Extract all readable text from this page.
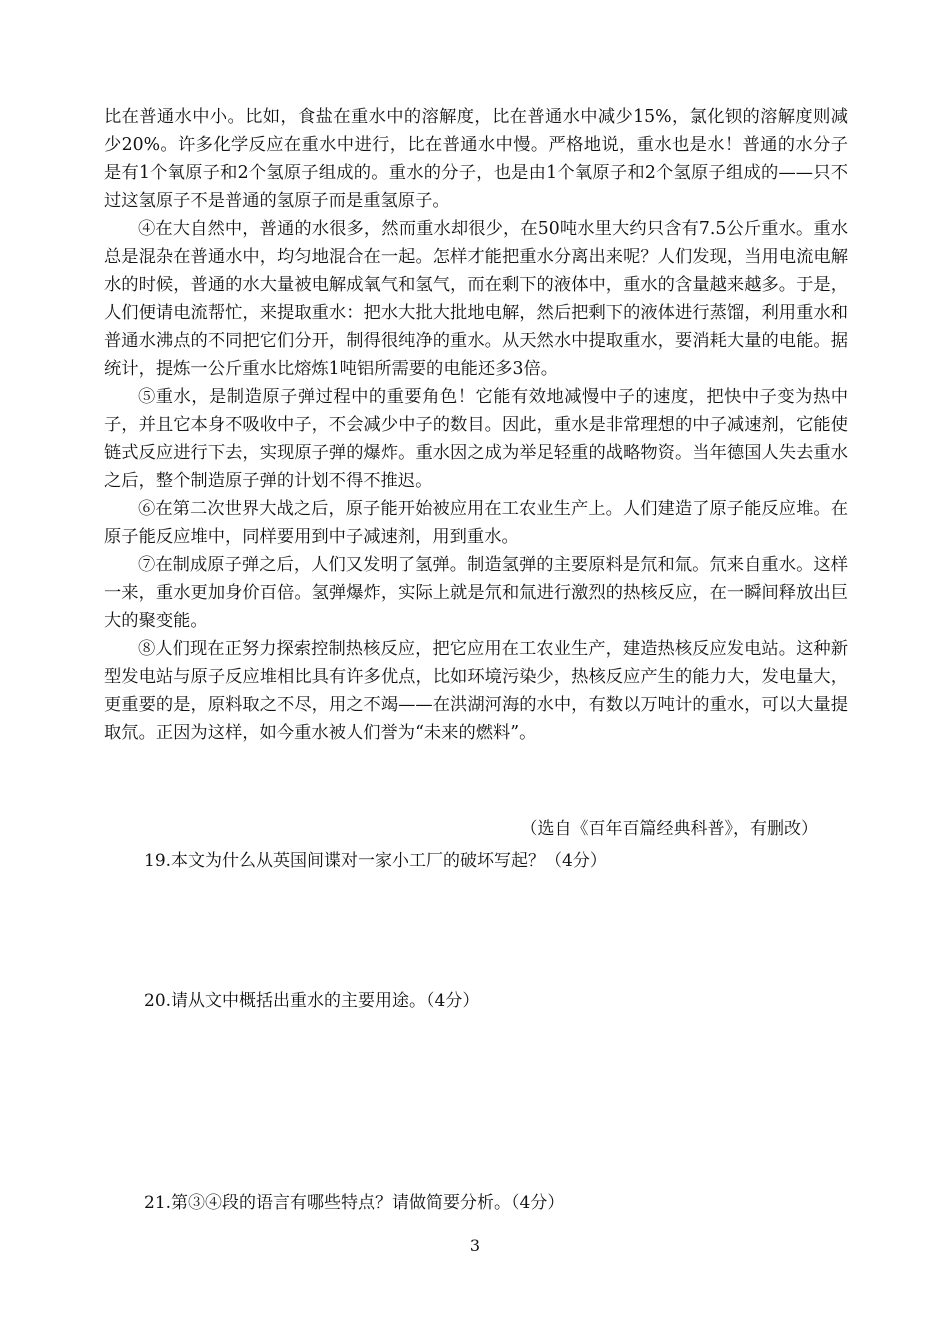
比在普通水中小。比如，食盐在重水中的溶解度，比在普通水中减少15%，氯化钡的溶解度则减少20%。许多化学反应在重水中进行，比在普通水中慢。严格地说，重水也是水！普通的水分子是有1个氧原子和2个氢原子组成的。重水的分子，也是由1个氧原子和2个氢原子组成的——只不过这氢原子不是普通的氢原子而是重氢原子。

④在大自然中，普通的水很多，然而重水却很少，在50吨水里大约只含有7.5公斤重水。重水总是混杂在普通水中，均匀地混合在一起。怎样才能把重水分离出来呢？人们发现，当用电流电解水的时候，普通的水大量被电解成氧气和氢气，而在剩下的液体中，重水的含量越来越多。于是，人们便请电流帮忙，来提取重水：把水大批大批地电解，然后把剩下的液体进行蒸馏，利用重水和普通水沸点的不同把它们分开，制得很纯净的重水。从天然水中提取重水，要消耗大量的电能。据统计，提炼一公斤重水比熔炼1吨铝所需要的电能还多3倍。

⑤重水，是制造原子弹过程中的重要角色！它能有效地减慢中子的速度，把快中子变为热中子，并且它本身不吸收中子，不会减少中子的数目。因此，重水是非常理想的中子减速剂，它能使链式反应进行下去，实现原子弹的爆炸。重水因之成为举足轻重的战略物资。当年德国人失去重水之后，整个制造原子弹的计划不得不推迟。

⑥在第二次世界大战之后，原子能开始被应用在工农业生产上。人们建造了原子能反应堆。在原子能反应堆中，同样要用到中子减速剂，用到重水。

⑦在制成原子弹之后，人们又发明了氢弹。制造氢弹的主要原料是氘和氚。氘来自重水。这样一来，重水更加身价百倍。氢弹爆炸，实际上就是氘和氚进行激烈的热核反应，在一瞬间释放出巨大的聚变能。

⑧人们现在正努力探索控制热核反应，把它应用在工农业生产，建造热核反应发电站。这种新型发电站与原子反应堆相比具有许多优点，比如环境污染少，热核反应产生的能力大，发电量大，更重要的是，原料取之不尽，用之不竭——在洪湖河海的水中，有数以万吨计的重水，可以大量提取氘。正因为这样，如今重水被人们誉为“未来的燃料”。

（选自《百年百篇经典科普》，有删改）
19.本文为什么从英国间谍对一家小工厂的破坏写起？（4分）
20.请从文中概括出重水的主要用途。（4分）
21.第③④段的语言有哪些特点？请做简要分析。（4分）
3
